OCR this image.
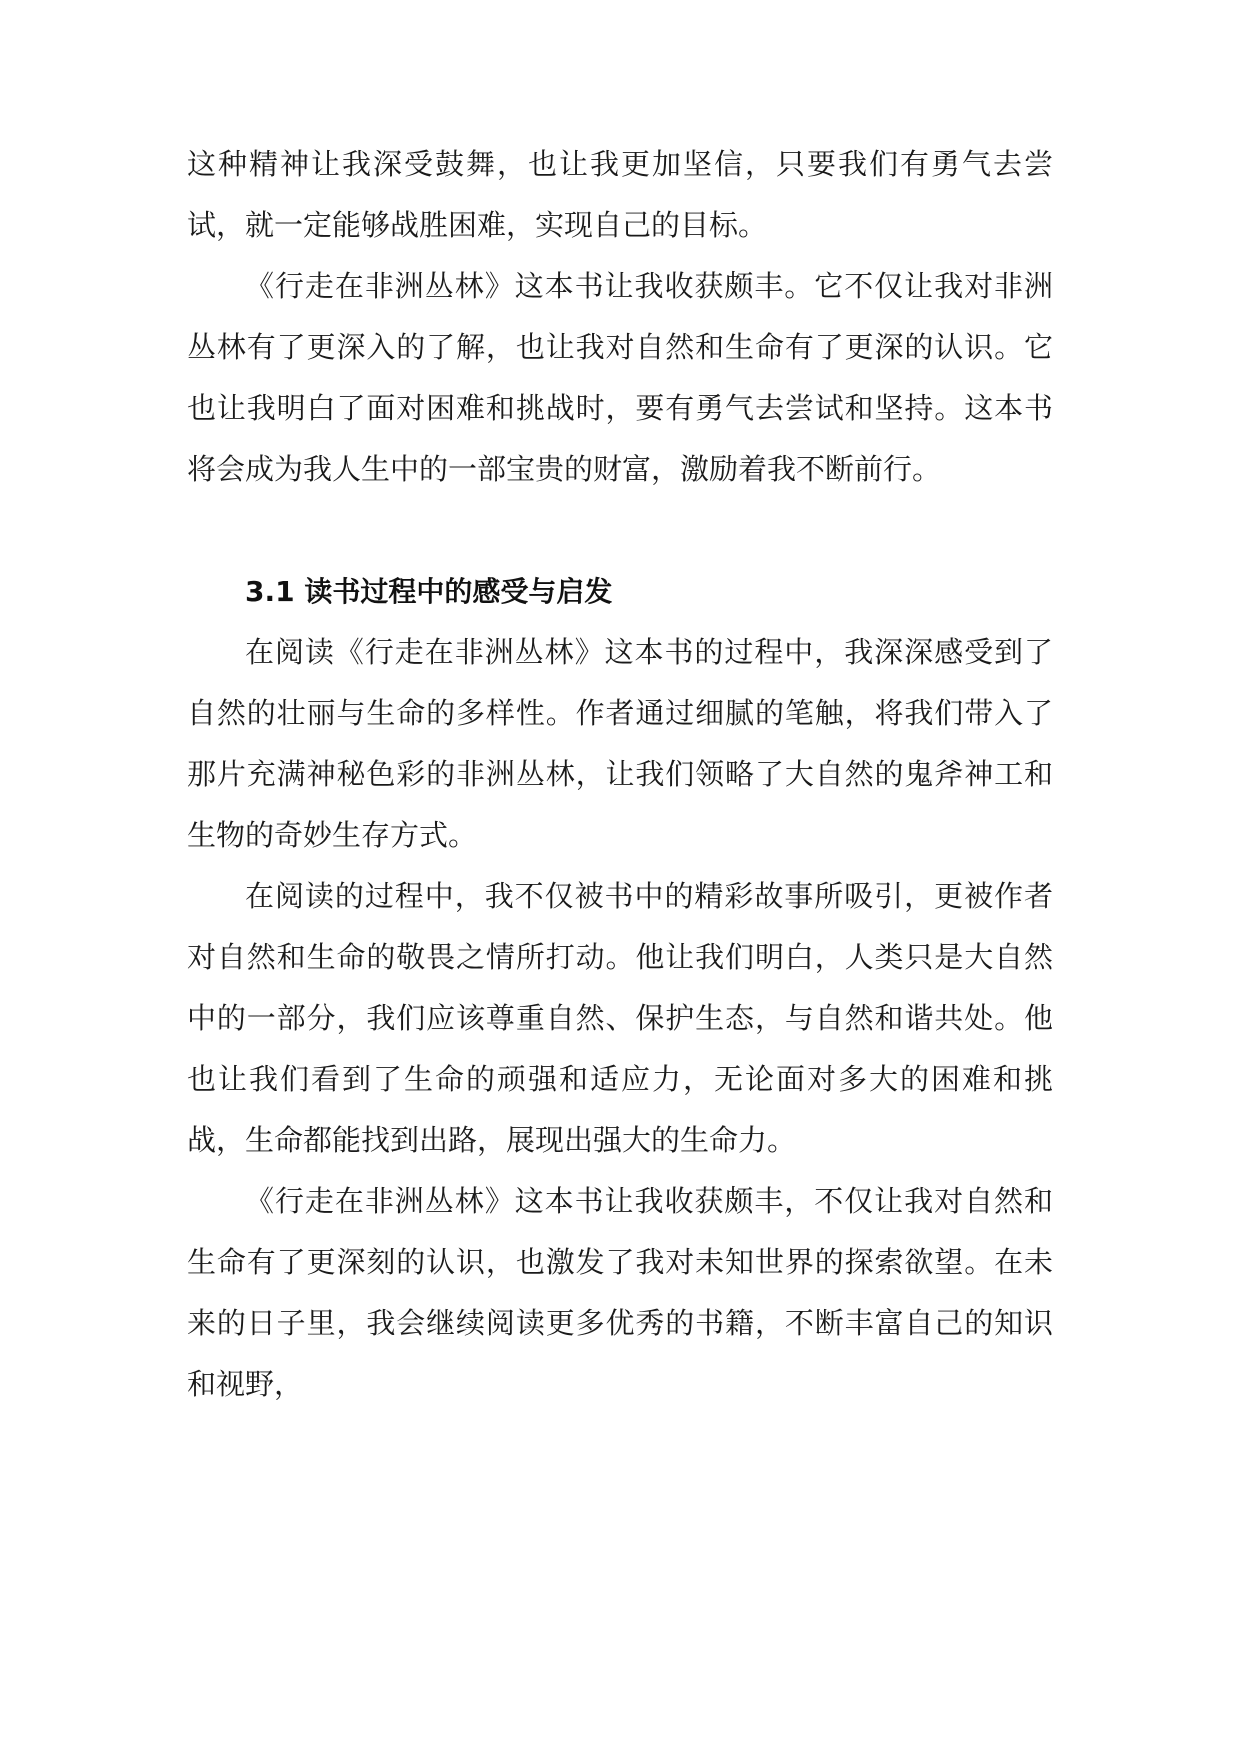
这种精神让我深受鼓舞，也让我更加坚信，只要我们有勇气去尝试，就一定能够战胜困难，实现自己的目标。

《行走在非洲丛林》这本书让我收获颇丰。它不仅让我对非洲丛林有了更深入的了解，也让我对自然和生命有了更深的认识。它也让我明白了面对困难和挑战时，要有勇气去尝试和坚持。这本书将会成为我人生中的一部宝贵的财富，激励着我不断前行。

3.1 读书过程中的感受与启发

在阅读《行走在非洲丛林》这本书的过程中，我深深感受到了自然的壮丽与生命的多样性。作者通过细腻的笔触，将我们带入了那片充满神秘色彩的非洲丛林，让我们领略了大自然的鬼斧神工和生物的奇妙生存方式。

在阅读的过程中，我不仅被书中的精彩故事所吸引，更被作者对自然和生命的敬畏之情所打动。他让我们明白，人类只是大自然中的一部分，我们应该尊重自然、保护生态，与自然和谐共处。他也让我们看到了生命的顽强和适应力，无论面对多大的困难和挑战，生命都能找到出路，展现出强大的生命力。

《行走在非洲丛林》这本书让我收获颇丰，不仅让我对自然和生命有了更深刻的认识，也激发了我对未知世界的探索欲望。在未来的日子里，我会继续阅读更多优秀的书籍，不断丰富自己的知识和视野，
